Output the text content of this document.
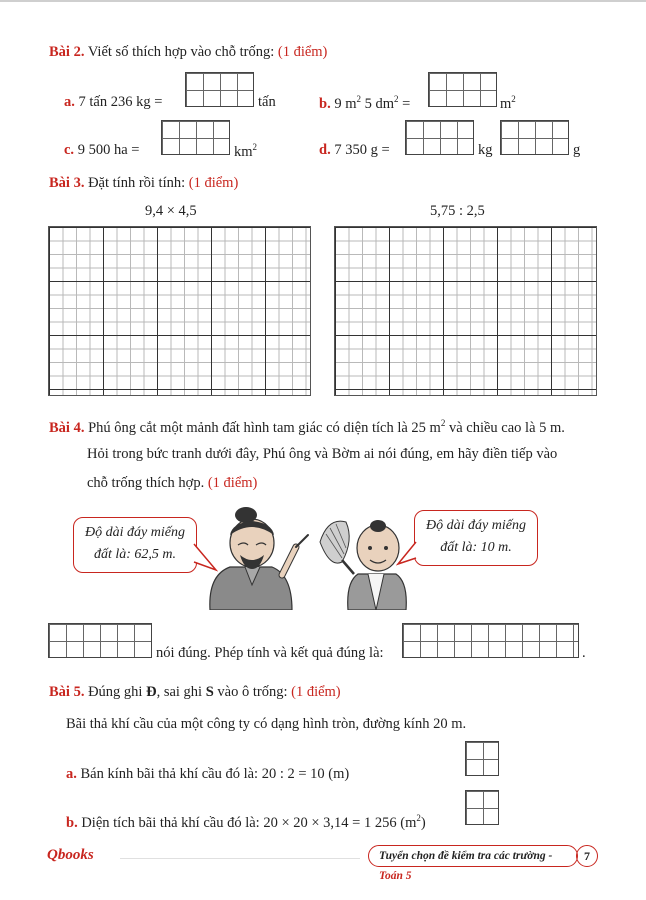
Bài 2. Viết số thích hợp vào chỗ trống: (1 điểm)
a. 7 tấn 236 kg =	tấn	b. 9 $m^2$ 5 $dm^2$ =	$m^2$
c. 9 500 ha =	$km^2$	d. 7 350 g =	kg	g
Bài 3. Đặt tính rồi tính: (1 điểm)
9,4 × 4,5	5,75 : 2,5
Bài 4. Phú ông cắt một mảnh đất hình tam giác có diện tích là 25 $m^2$ và chiều cao là 5 m.
Hỏi trong bức tranh dưới đây, Phú ông và Bờm ai nói đúng, em hãy điền tiếp vào
chỗ trống thích hợp. (1 điểm)
Độ dài đáy miếng
đất là: 62,5 m.
Độ dài đáy miếng
đất là: 10 m.
nói đúng. Phép tính và kết quả đúng là:	.
Bài 5. Đúng ghi Đ, sai ghi S vào ô trống: (1 điểm)
Bãi thả khí cầu của một công ty có dạng hình tròn, đường kính 20 m.
a. Bán kính bãi thả khí cầu đó là: 20 : 2 = 10 (m)
b. Diện tích bãi thả khí cầu đó là: 20 × 20 × 3,14 = 1 256 $(m^2)$
Qbooks	Tuyển chọn đề kiểm tra các trường - Toán 5
7
